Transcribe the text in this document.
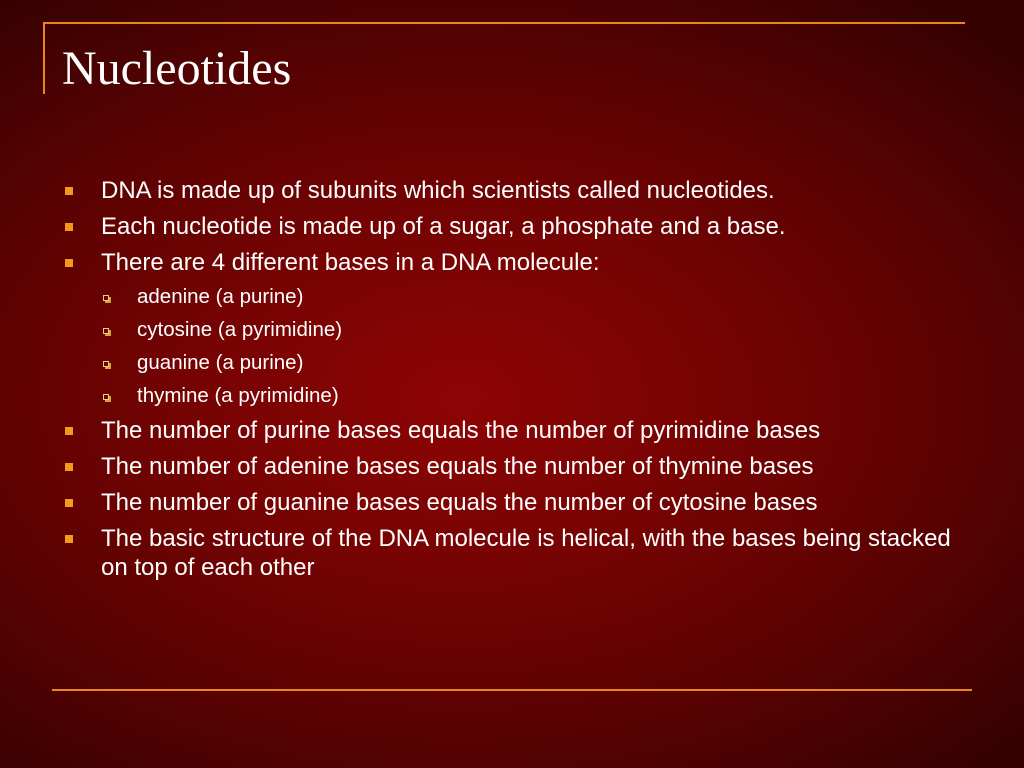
Nucleotides
DNA is made up of subunits which scientists called nucleotides.
Each nucleotide is made up of a sugar, a phosphate and a base.
There are 4 different bases in a DNA molecule:
adenine (a purine)
cytosine (a pyrimidine)
guanine (a purine)
thymine (a pyrimidine)
The number of purine bases equals the number of pyrimidine bases
The number of adenine bases equals the number of thymine bases
The number of guanine bases equals the number of cytosine bases
The basic structure of the DNA molecule is helical, with the bases being stacked on top of each other
